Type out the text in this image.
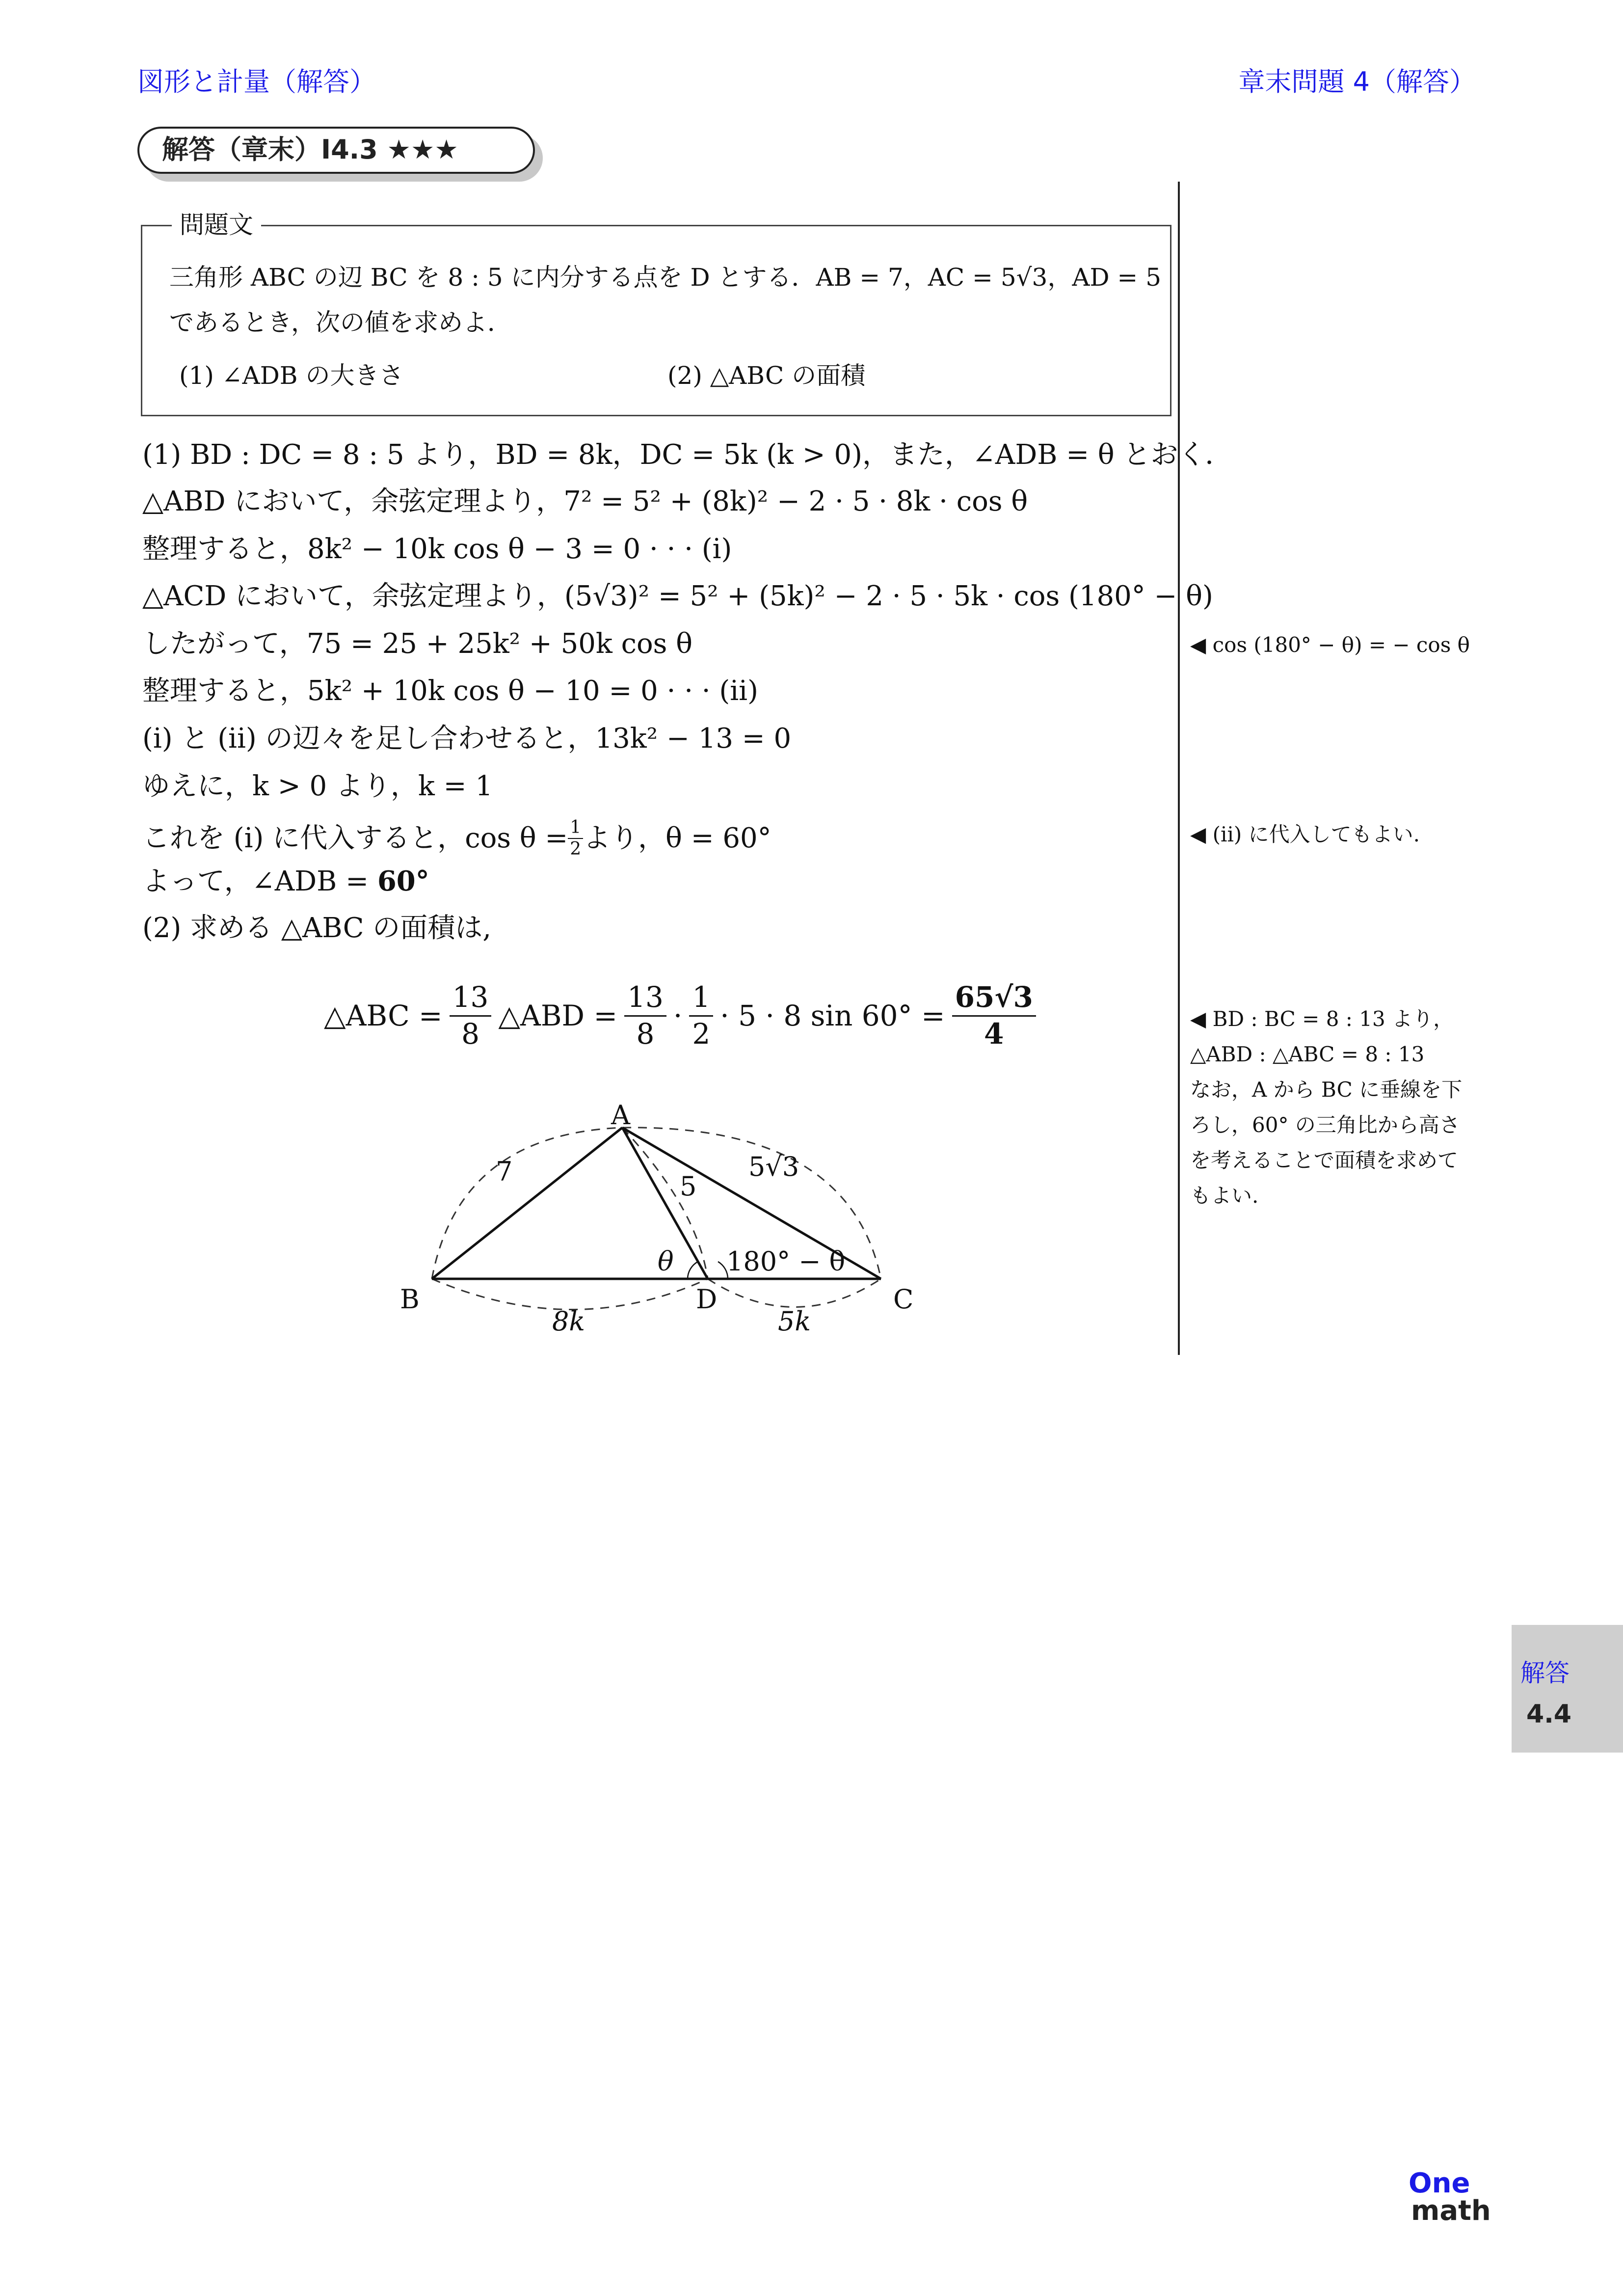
図形と計量（解答）	章末問題 4（解答）
解答（章末）I4.3 ★★★
問題文
三角形 ABC の辺 BC を 8 : 5 に内分する点を D とする．AB = 7，AC = 5√3，AD = 5
であるとき，次の値を求めよ．
(1) ∠ADB の大きさ	(2) △ABC の面積
(1) BD : DC = 8 : 5 より，BD = 8k，DC = 5k (k > 0)，また，∠ADB = θ とおく．
△ABD において，余弦定理より，7² = 5² + (8k)² − 2 · 5 · 8k · cos θ
整理すると，8k² − 10k cos θ − 3 = 0 · · · (i)
△ACD において，余弦定理より，(5√3)² = 5² + (5k)² − 2 · 5 · 5k · cos (180° − θ)
したがって，75 = 25 + 25k² + 50k cos θ
整理すると，5k² + 10k cos θ − 10 = 0 · · · (ii)
(i) と (ii) の辺々を足し合わせると，13k² − 13 = 0
ゆえに，k > 0 より，k = 1
これを (i) に代入すると，$\cos \theta = \frac{1}{2}$ より，θ = 60°
よって，∠ADB = 60°
(2) 求める △ABC の面積は,
△ABC = $\frac{13}{8}$ △ABD = $\frac{13}{8} \cdot \frac{1}{2} \cdot 5 \cdot 8$ $\sin 60^\circ = \frac{65√3}{4}$
◀ cos (180° − θ) = − cos θ
◀ (ii) に代入してもよい.
◀ BD : BC = 8 : 13 より，
△ABD : △ABC = 8 : 13
なお，A から BC に垂線を下
ろし，60° の三角比から高さ
を考えることで面積を求めて
もよい.
A
B	C
D
7	5
5√3
8k	5k
θ 180° − θ
解答
4.4
One
math
